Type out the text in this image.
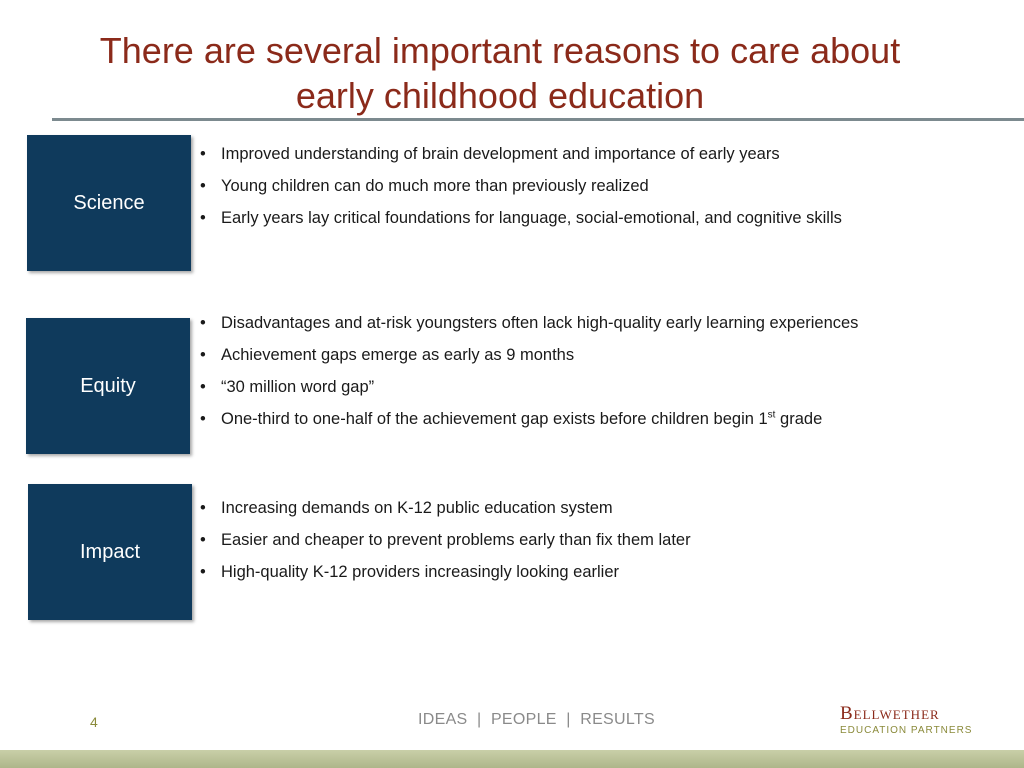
There are several important reasons to care about
early childhood education
Science
• Improved understanding of brain development and importance of early years
• Young children can do much more than previously realized
• Early years lay critical foundations for language, social-emotional, and cognitive skills
Equity
• Disadvantages and at-risk youngsters often lack high-quality early learning experiences
• Achievement gaps emerge as early as 9 months
• “30 million word gap”
• One-third to one-half of the achievement gap exists before children begin 1st grade
Impact
• Increasing demands on K-12 public education system
• Easier and cheaper to prevent problems early than fix them later
• High-quality K-12 providers increasingly looking earlier
4	IDEAS  |  PEOPLE  |  RESULTS	Bellwether
EDUCATION PARTNERS
